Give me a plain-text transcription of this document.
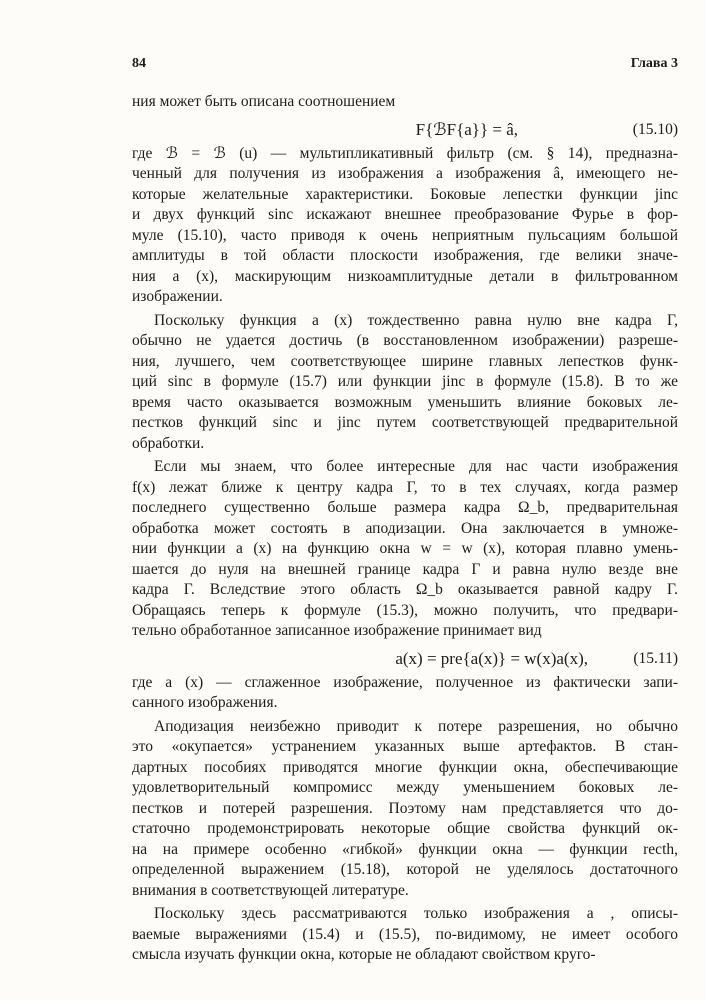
84	Глава 3
ния может быть описана соотношением
F{ℬF{a}} = â,	(15.10)
где ℬ = ℬ (u) — мультипликативный фильтр (см. § 14), предназна-
ченный для получения из изображения a изображения â, имеющего не-
которые желательные характеристики. Боковые лепестки функции jinc
и двух функций sinc искажают внешнее преобразование Фурье в фор-
муле (15.10), часто приводя к очень неприятным пульсациям большой
амплитуды в той области плоскости изображения, где велики значе-
ния a (x), маскирующим низкоамплитудные детали в фильтрованном
изображении.
Поскольку функция a (x) тождественно равна нулю вне кадра Γ,
обычно не удается достичь (в восстановленном изображении) разреше-
ния, лучшего, чем соответствующее ширине главных лепестков функ-
ций sinc в формуле (15.7) или функции jinc в формуле (15.8). В то же
время часто оказывается возможным уменьшить влияние боковых ле-
пестков функций sinc и jinc путем соответствующей предварительной
обработки.
Если мы знаем, что более интересные для нас части изображения
f(x) лежат ближе к центру кадра Γ, то в тех случаях, когда размер
последнего существенно больше размера кадра Ω_b, предварительная
обработка может состоять в аподизации. Она заключается в умноже-
нии функции a (x) на функцию окна w = w (x), которая плавно умень-
шается до нуля на внешней границе кадра Γ и равна нулю везде вне
кадра Γ. Вследствие этого область Ω_b оказывается равной кадру Γ.
Обращаясь теперь к формуле (15.3), можно получить, что предвари-
тельно обработанное записанное изображение принимает вид
a(x) = pre{a(x)} = w(x)a(x),	(15.11)
где a (x) — сглаженное изображение, полученное из фактически запи-
санного изображения.
Аподизация неизбежно приводит к потере разрешения, но обычно
это «окупается» устранением указанных выше артефактов. В стан-
дартных пособиях приводятся многие функции окна, обеспечивающие
удовлетворительный компромисс между уменьшением боковых ле-
пестков и потерей разрешения. Поэтому нам представляется что до-
статочно продемонстрировать некоторые общие свойства функций ок-
на на примере особенно «гибкой» функции окна — функции recth,
определенной выражением (15.18), которой не уделялось достаточного
внимания в соответствующей литературе.
Поскольку здесь рассматриваются только изображения a , описы-
ваемые выражениями (15.4) и (15.5), по-видимому, не имеет особого
смысла изучать функции окна, которые не обладают свойством круго-
